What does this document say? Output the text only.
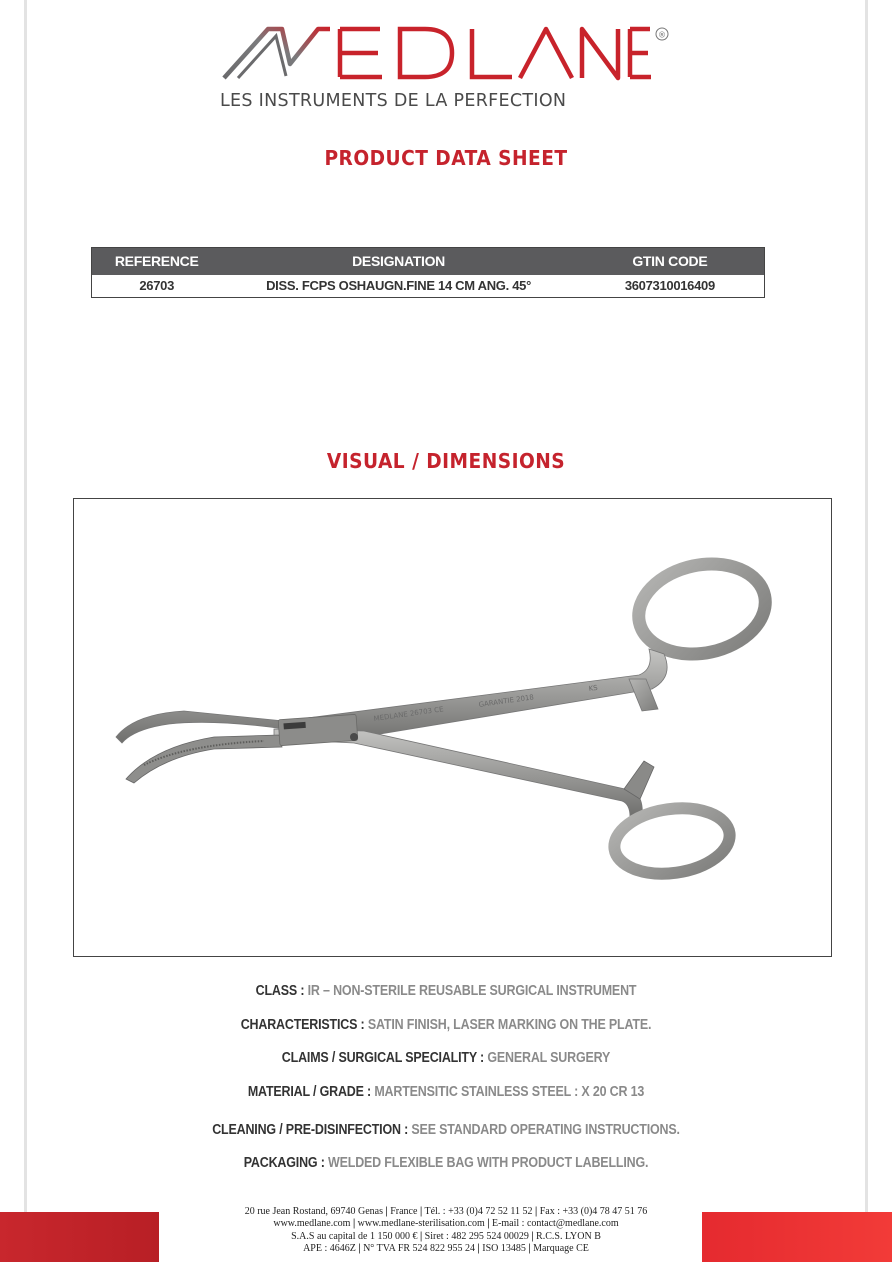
®
LES INSTRUMENTS DE LA PERFECTION
PRODUCT DATA SHEET
REFERENCE	DESIGNATION	GTIN CODE
26703	DISS. FCPS OSHAUGN.FINE 14 CM ANG. 45°	3607310016409
VISUAL / DIMENSIONS
MEDLANE 26703 CE
GARANTIE 2018
KS
CLASS : IR – NON-STERILE REUSABLE SURGICAL INSTRUMENT
CHARACTERISTICS : SATIN FINISH, LASER MARKING ON THE PLATE.
CLAIMS / SURGICAL SPECIALITY : GENERAL SURGERY
MATERIAL / GRADE : MARTENSITIC STAINLESS STEEL : X 20 CR 13
CLEANING / PRE-DISINFECTION : SEE STANDARD OPERATING INSTRUCTIONS.
PACKAGING : WELDED FLEXIBLE BAG WITH PRODUCT LABELLING.
20 rue Jean Rostand, 69740 Genas | France | Tél. : +33 (0)4 72 52 11 52 | Fax : +33 (0)4 78 47 51 76
www.medlane.com | www.medlane-sterilisation.com | E-mail : contact@medlane.com
S.A.S au capital de 1 150 000 € | Siret : 482 295 524 00029 | R.C.S. LYON B
APE : 4646Z | N° TVA FR 524 822 955 24 | ISO 13485 | Marquage CE
